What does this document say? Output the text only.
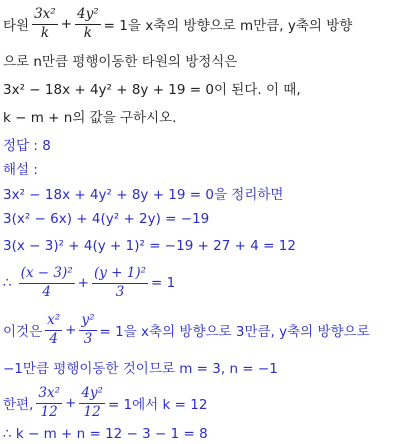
타원 $\frac{\text{3x²}}{k} + \frac{\text{4y²}}{k} = 1$을 x축의 방향으로 m만큼, y축의 방향
으로 n만큼 평행이동한 타원의 방정식은
3x² − 18x + 4y² + 8y + 19 = 0이 된다. 이 때,
k − m + n의 값을 구하시오.
정답 : 8
해설 :
3x² − 18x + 4y² + 8y + 19 = 0을 정리하면
3(x² − 6x) + 4(y² + 2y) = −19
3(x − 3)² + 4(y + 1)² = −19 + 27 + 4 = 12
∴ $\frac{\text{(x − 3)²}}{4} + \frac{\text{(y + 1)²}}{3} = 1$
이것은 $\frac{\text{x²}}{4} + \frac{\text{y²}}{3} = 1$을 x축의 방향으로 3만큼, y축의 방향으로
−1만큼 평행이동한 것이므로 m = 3, n = −1
한편, $\frac{\text{3x²}}{12} + \frac{\text{4y²}}{12} = 1$에서 k = 12
∴ k − m + n = 12 − 3 − 1 = 8
